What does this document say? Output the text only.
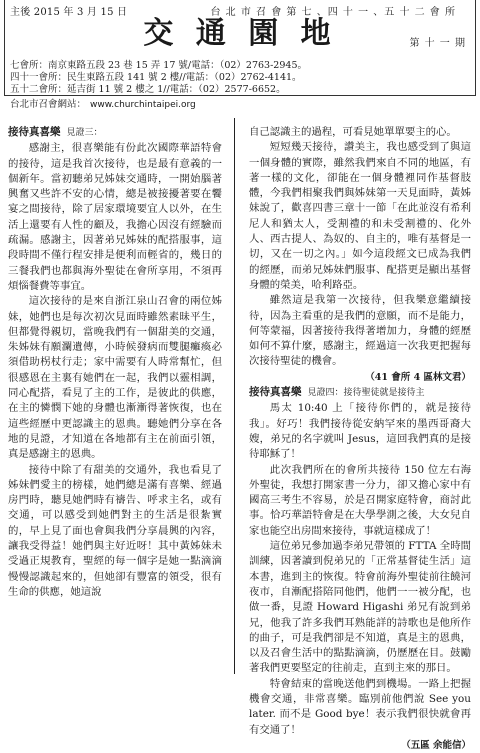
主後 2015 年 3 月 15 日	台 北 市 召 會 第 七 、四 十 一 、五 十 二 會 所
交 通 園 地	第 十 一 期
七會所：南京東路五段 23 巷 15 弄 17 號/電話：（02）2763-2945。
四十一會所：民生東路五段 141 號 2 樓//電話：（02）2762-4141。
五十二會所：延吉街 11 號 2 樓之 1//電話：（02）2577-6652。
台北市召會網站： www.churchintaipei.org
接待真喜樂 見證三：

感謝主，很喜樂能有份此次國際華語特會的接待，這是我首次接待，也是最有意義的一個新年。當初聽弟兄姊妹交通時，一開始腦著興奮又些許不安的心情，總是被接擾著要在饗宴之間接待，除了居家環境要宜人以外，在生活上還要有人性的顧及，我擔心因沒有經驗而疏漏。感謝主，因著弟兄姊妹的配搭服事，這段時間不僅行程安排是便利而輕省的，幾日的三餐我們也都與海外聖徒在會所享用，不須再煩惱餐費等事宜。

這次接待的是來自浙江泉山召會的兩位姊妹，她們也是每次初次見面時雖然素昧平生，但都覺得親切，當晚我們有一個甜美的交通，朱姊妹有願瀾遺傳，小時候發病而雙腿癱瘓必須借助柺杖行走；家中需要有人時常幫忙，但很感恩在主裏有她們在一起，我們以靈相調，同心配搭，看見了主的工作，是彼此的供應，在主的憐憫下她的身體也漸漸得著恢復，也在這些經歷中更認識主的恩典。聽她們分享在各地的見證，才知道在各地都有主在前面引領，真是感謝主的恩典。

接待中除了有甜美的交通外，我也看見了姊妹們愛主的榜樣，她們總是滿有喜樂、經過房門時，聽見她們時有禱告、呼求主名，或有交通，可以感受到她們對主的生活是很紮實的，早上見了面也會與我們分享晨興的內容，讓我受得益！她們與主好近呀！其中黃姊妹未受過正規教育，聖經的每一個字是她一點滴滴慢慢認識起來的，但她卻有豐富的領受，很有生命的供應，她這說

自己認識主的過程，可看見她單單要主的心。

短短幾天接待，讚美主，我也感受到了與這一個身體的實際，雖然我們來自不同的地區，有著一樣的文化，卻能在一個身體裡同作基督肢體，今我們相聚我們與姊妹第一天見面時，黃姊妹說了，歡喜四書三章十一節「在此並沒有希利尼人和猶太人，受割禮的和未受割禮的、化外人、西古提人、為奴的、自主的，唯有基督是一切，又在一切之內。」如今這段經文已成為我們的經歷，而弟兄姊妹們服事、配搭更是顯出基督身體的榮美，哈利路亞。

雖然這是我第一次接待，但我樂意繼續接待，因為主看重的是我們的意願，而不是能力，何等蒙福，因著接待我得著增加力，身體的經歷如何不算什麼，感謝主，經過這一次我更把握每次接待聖徒的機會。

（41 會所 4 區林文君）
接待真喜樂 見證四：接待聖徒就是接待主

馬太 10:40 上「接待你們的，就是接待我」。好巧！我們接待從安納罕來的墨西哥裔大嫂，弟兄的名字就叫 Jesus，這回我們真的是接待耶穌了！

此次我們所在的會所共接待 150 位左右海外聖徒，我想打開家書一分力，卻又擔心家中有國高三考生不容易，於是召開家庭特會，商討此事。恰巧華語特會是在大學學測之後，大女兒自家也能空出房間來接待，事就這樣成了！

這位弟兄參加過李弟兄帶領的 FTTA 全時間訓練，因著讀到倪弟兄的「正常基督徒生活」這本書，進到主的恢復。特會前海外聖徒前往饒河夜市，自漸配搭陪同他們，他們一一被分配，也做一番，見證 Howard Higashi 弟兄有說到弟兄，他我了許多我們耳熟能詳的詩歌也是他所作的曲子，可是我們卻是不知道，真是主的恩典，以及召會生活中的點點滴滴，仍歷歷在目。鼓勵著我們更要堅定的往前走，直到主來的那日。

特會結束的當晚送他們到機場。一路上把握機會交通，非常喜樂。臨別前他們說 See you later. 而不是 Good bye！表示我們很快就會再有交通了！

（五區 余能信）
